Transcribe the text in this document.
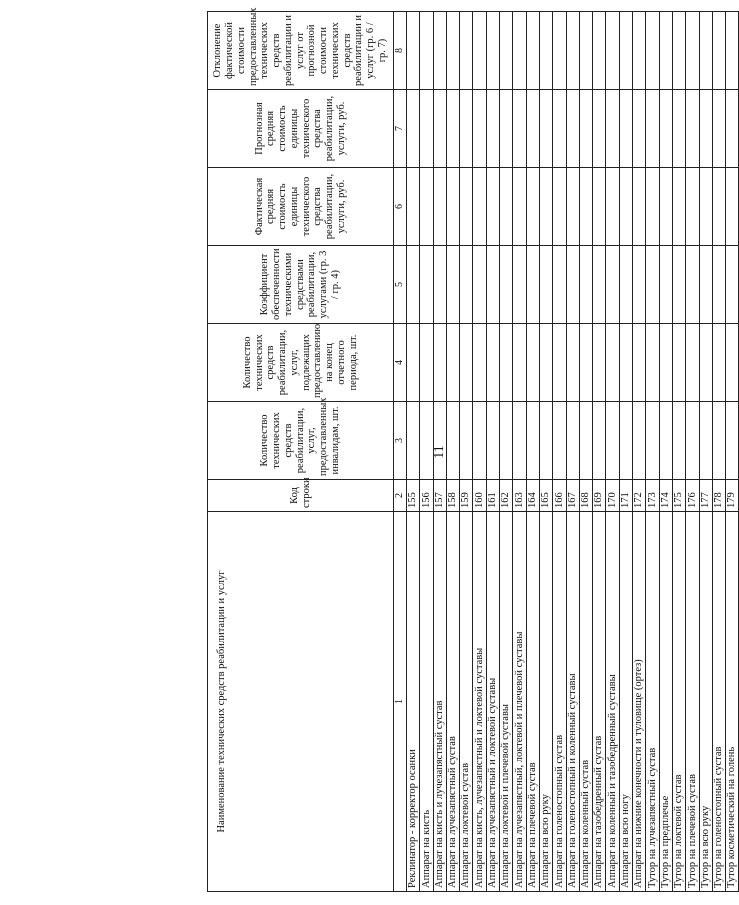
11
Наименование технических средств реабилитации и услуг	Код строки	Количество технических средств реабилитации, услуг, предоставленных инвалидам, шт.	Количество технических средств реабилитации, услуг, подлежащих предоставлению на конец отчетного периода, шт.	Коэффициент обеспеченности техническими средствами реабилитации, услугами (гр. 3 / гр. 4)	Фактическая средняя стоимость единицы технического средства реабилитации, услуги, руб.	Прогнозная средняя стоимость единицы технического средства реабилитации, услуги, руб.	Отклонение фактической стоимости предоставленных технических средств реабилитации и услуг от прогнозной стоимости технических средств реабилитации и услуг (гр. 6 / гр. 7)
1	2	3	4	5	6	7	8
Реклинатор - корректор осанки	155						
Аппарат на кисть	156						
Аппарат на кисть и лучезапястный сустав	157						
Аппарат на лучезапястный сустав	158						
Аппарат на локтевой сустав	159						
Аппарат на кисть, лучезапястный и локтевой суставы	160						
Аппарат на лучезапястный и локтевой суставы	161						
Аппарат на локтевой и плечевой суставы	162						
Аппарат на лучезапястный, локтевой и плечевой суставы	163						
Аппарат на плечевой сустав	164						
Аппарат на всю руку	165						
Аппарат на голеностопный сустав	166						
Аппарат на голеностопный и коленный суставы	167						
Аппарат на коленный сустав	168						
Аппарат на тазобедренный сустав	169						
Аппарат на коленный и тазобедренный суставы	170						
Аппарат на всю ногу	171						
Аппарат на нижние конечности и туловище (ортез)	172						
Тутор на лучезапястный сустав	173						
Тутор на предплечье	174						
Тутор на локтевой сустав	175						
Тутор на плечевой сустав	176						
Тутор на всю руку	177						
Тутор на голеностопный сустав	178						
Тутор косметический на голень	179						
